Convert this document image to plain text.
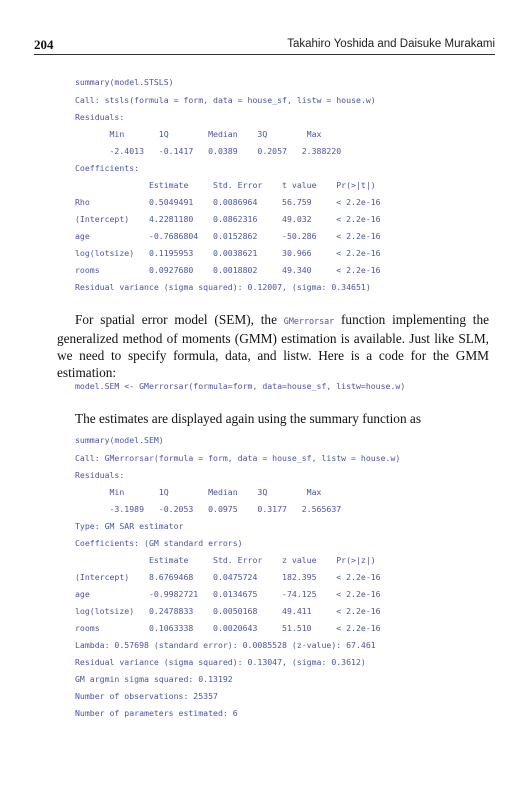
204	Takahiro Yoshida and Daisuke Murakami
summary(model.STSLS)
Call: stsls(formula = form, data = house_sf, listw = house.w)
Residuals:
Min       1Q        Median    3Q        Max
-2.4013   -0.1417   0.0389    0.2057   2.388220
Coefficients:
Estimate     Std. Error    t value    Pr(>|t|)
Rho            0.5049491    0.0086964     56.759     < 2.2e-16
(Intercept)    4.2281180    0.0862316     49.032     < 2.2e-16
age            -0.7686804   0.0152862     -50.286    < 2.2e-16
log(lotsize)   0.1195953    0.0038621     30.966     < 2.2e-16
rooms          0.0927680    0.0018802     49.340     < 2.2e-16
Residual variance (sigma squared): 0.12007, (sigma: 0.34651)

For spatial error model (SEM), the GMerrorsar function implementing the generalized method of moments (GMM) estimation is available. Just like SLM, we need to specify formula, data, and listw. Here is a code for the GMM estimation:

model.SEM <- GMerrorsar(formula=form, data=house_sf, listw=house.w)

The estimates are displayed again using the summary function as

summary(model.SEM)
Call: GMerrorsar(formula = form, data = house_sf, listw = house.w)
Residuals:
Min       1Q        Median    3Q        Max
-3.1989   -0.2053   0.0975    0.3177   2.565637
Type: GM SAR estimator
Coefficients: (GM standard errors)
Estimate     Std. Error    z value    Pr(>|z|)
(Intercept)    8.6769468    0.0475724     182.395    < 2.2e-16
age            -0.9982721   0.0134675     -74.125    < 2.2e-16
log(lotsize)   0.2478833    0.0050168     49.411     < 2.2e-16
rooms          0.1063338    0.0020643     51.510     < 2.2e-16
Lambda: 0.57698 (standard error): 0.0085528 (z-value): 67.461
Residual variance (sigma squared): 0.13047, (sigma: 0.3612)
GM argmin sigma squared: 0.13192
Number of observations: 25357
Number of parameters estimated: 6
